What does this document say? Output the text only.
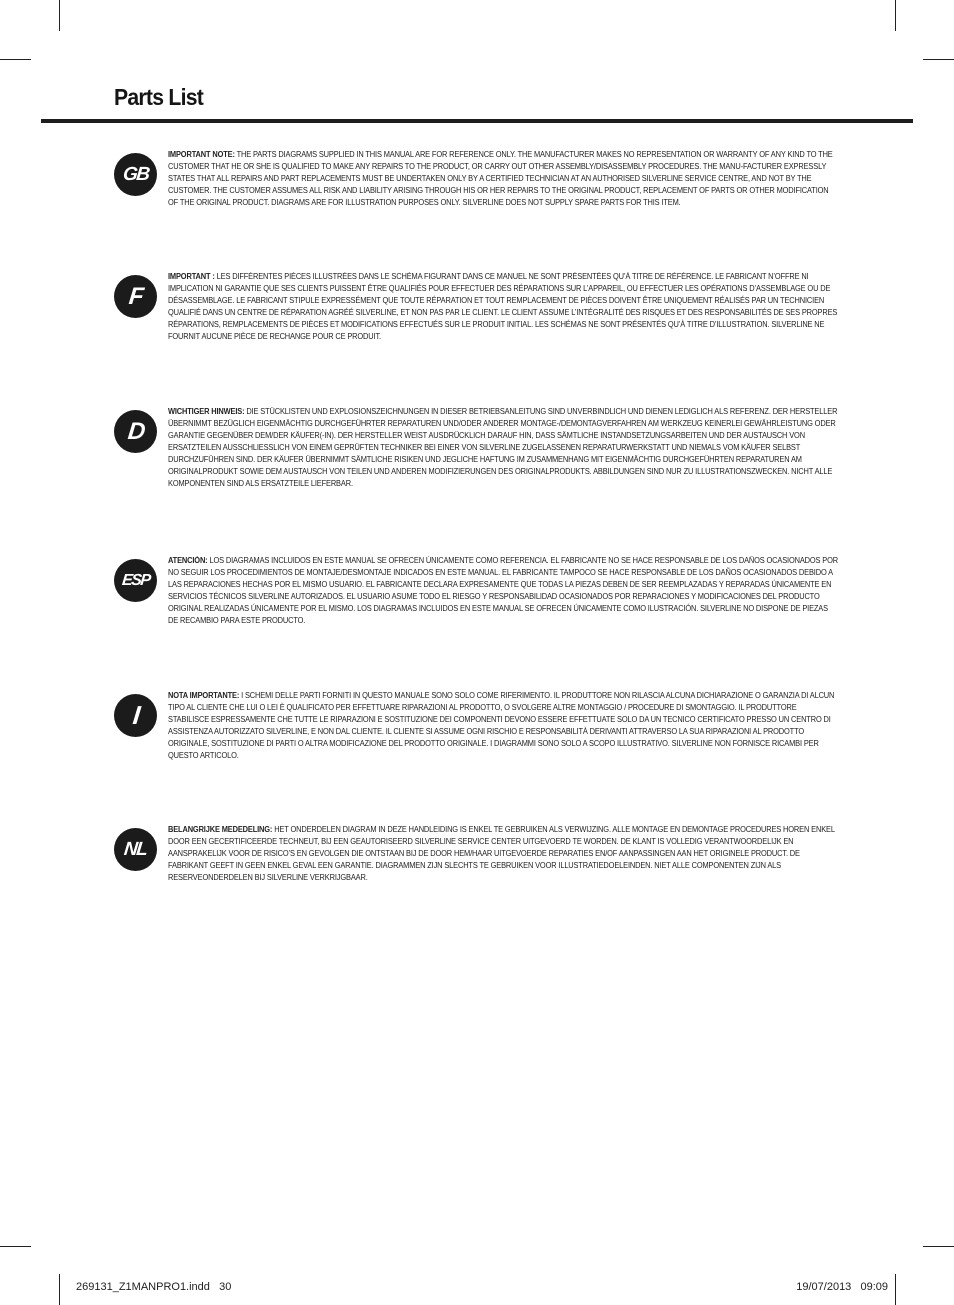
Parts List
GB
IMPORTANT NOTE: THE PARTS DIAGRAMS SUPPLIED IN THIS MANUAL ARE FOR REFERENCE ONLY. THE MANUFACTURER MAKES NO REPRESENTATION OR WARRANTY OF ANY KIND TO THE CUSTOMER THAT HE OR SHE IS QUALIFIED TO MAKE ANY REPAIRS TO THE PRODUCT, OR CARRY OUT OTHER ASSEMBLY/DISASSEMBLY PROCEDURES. THE MANU-FACTURER EXPRESSLY STATES THAT ALL REPAIRS AND PART REPLACEMENTS MUST BE UNDERTAKEN ONLY BY A CERTIFIED TECHNICIAN AT AN AUTHORISED SILVERLINE SERVICE CENTRE, AND NOT BY THE CUSTOMER. THE CUSTOMER ASSUMES ALL RISK AND LIABILITY ARISING THROUGH HIS OR HER REPAIRS TO THE ORIGINAL PRODUCT, REPLACEMENT OF PARTS OR OTHER MODIFICATION OF THE ORIGINAL PRODUCT. DIAGRAMS ARE FOR ILLUSTRATION PURPOSES ONLY. SILVERLINE DOES NOT SUPPLY SPARE PARTS FOR THIS ITEM.
F
IMPORTANT : LES DIFFÉRENTES PIÈCES ILLUSTRÉES DANS LE SCHÉMA FIGURANT DANS CE MANUEL NE SONT PRÉSENTÉES QU’À TITRE DE RÉFÉRENCE. LE FABRICANT N’OFFRE NI IMPLICATION NI GARANTIE QUE SES CLIENTS PUISSENT ÊTRE QUALIFIÉS POUR EFFECTUER DES RÉPARATIONS SUR L’APPAREIL, OU EFFECTUER LES OPÉRATIONS D’ASSEMBLAGE OU DE DÉSASSEMBLAGE. LE FABRICANT STIPULE EXPRESSÉMENT QUE TOUTE RÉPARATION ET TOUT REMPLACEMENT DE PIÈCES DOIVENT ÊTRE UNIQUEMENT RÉALISÉS PAR UN TECHNICIEN QUALIFIÉ DANS UN CENTRE DE RÉPARATION AGRÉÉ SILVERLINE, ET NON PAS PAR LE CLIENT. LE CLIENT ASSUME L’INTÉGRALITÉ DES RISQUES ET DES RESPONSABILITÉS DE SES PROPRES RÉPARATIONS, REMPLACEMENTS DE PIÈCES ET MODIFICATIONS EFFECTUÉS SUR LE PRODUIT INITIAL. LES SCHÉMAS NE SONT PRÉSENTÉS QU’À TITRE D’ILLUSTRATION. SILVERLINE NE FOURNIT AUCUNE PIÈCE DE RECHANGE POUR CE PRODUIT.
D
WICHTIGER HINWEIS: DIE STÜCKLISTEN UND EXPLOSIONSZEICHNUNGEN IN DIESER BETRIEBSANLEITUNG SIND UNVERBINDLICH UND DIENEN LEDIGLICH ALS REFERENZ. DER HERSTELLER ÜBERNIMMT BEZÜGLICH EIGENMÄCHTIG DURCHGEFÜHRTER REPARATUREN UND/ODER ANDERER MONTAGE-/DEMONTAGVERFAHREN AM WERKZEUG KEINERLEI GEWÄHRLEISTUNG ODER GARANTIE GEGENÜBER DEM/DER KÄUFER(-IN). DER HERSTELLER WEIST AUSDRÜCKLICH DARAUF HIN, DASS SÄMTLICHE INSTANDSETZUNGSARBEITEN UND DER AUSTAUSCH VON ERSATZTEILEN AUSSCHLIESSLICH VON EINEM GEPRÜFTEN TECHNIKER BEI EINER VON SILVERLINE ZUGELASSENEN REPARATURWERKSTATT UND NIEMALS VOM KÄUFER SELBST DURCHZUFÜHREN SIND. DER KÄUFER ÜBERNIMMT SÄMTLICHE RISIKEN UND JEGLICHE HAFTUNG IM ZUSAMMENHANG MIT EIGENMÄCHTIG DURCHGEFÜHRTEN REPARATUREN AM ORIGINALPRODUKT SOWIE DEM AUSTAUSCH VON TEILEN UND ANDEREN MODIFIZIERUNGEN DES ORIGINALPRODUKTS. ABBILDUNGEN SIND NUR ZU ILLUSTRATIONSZWECKEN. NICHT ALLE KOMPONENTEN SIND ALS ERSATZTEILE LIEFERBAR.
ESP
ATENCIÓN: LOS DIAGRAMAS INCLUIDOS EN ESTE MANUAL SE OFRECEN ÚNICAMENTE COMO REFERENCIA. EL FABRICANTE NO SE HACE RESPONSABLE DE LOS DAÑOS OCASIONADOS POR NO SEGUIR LOS PROCEDIMIENTOS DE MONTAJE/DESMONTAJE INDICADOS EN ESTE MANUAL. EL FABRICANTE TAMPOCO SE HACE RESPONSABLE DE LOS DAÑOS OCASIONADOS DEBIDO A LAS REPARACIONES HECHAS POR EL MISMO USUARIO. EL FABRICANTE DECLARA EXPRESAMENTE QUE TODAS LA PIEZAS DEBEN DE SER REEMPLAZADAS Y REPARADAS ÚNICAMENTE EN SERVICIOS TÉCNICOS SILVERLINE AUTORIZADOS. EL USUARIO ASUME TODO EL RIESGO Y RESPONSABILIDAD OCASIONADOS POR REPARACIONES Y MODIFICACIONES DEL PRODUCTO ORIGINAL REALIZADAS ÚNICAMENTE POR EL MISMO. LOS DIAGRAMAS INCLUIDOS EN ESTE MANUAL SE OFRECEN ÚNICAMENTE COMO ILUSTRACIÓN. SILVERLINE NO DISPONE DE PIEZAS DE RECAMBIO PARA ESTE PRODUCTO.
I
NOTA IMPORTANTE: I SCHEMI DELLE PARTI FORNITI IN QUESTO MANUALE SONO SOLO COME RIFERIMENTO. IL PRODUTTORE NON RILASCIA ALCUNA DICHIARAZIONE O GARANZIA DI ALCUN TIPO AL CLIENTE CHE LUI O LEI È QUALIFICATO PER EFFETTUARE RIPARAZIONI AL PRODOTTO, O SVOLGERE ALTRE MONTAGGIO / PROCEDURE DI SMONTAGGIO. IL PRODUTTORE STABILISCE ESPRESSAMENTE CHE TUTTE LE RIPARAZIONI E SOSTITUZIONE DEI COMPONENTI DEVONO ESSERE EFFETTUATE SOLO DA UN TECNICO CERTIFICATO PRESSO UN CENTRO DI ASSISTENZA AUTORIZZATO SILVERLINE, E NON DAL CLIENTE. IL CLIENTE SI ASSUME OGNI RISCHIO E RESPONSABILITÀ DERIVANTI ATTRAVERSO LA SUA RIPARAZIONI AL PRODOTTO ORIGINALE, SOSTITUZIONE DI PARTI O ALTRA MODIFICAZIONE DEL PRODOTTO ORIGINALE. I DIAGRAMMI SONO SOLO A SCOPO ILLUSTRATIVO. SILVERLINE NON FORNISCE RICAMBI PER QUESTO ARTICOLO.
NL
BELANGRIJKE MEDEDELING: HET ONDERDELEN DIAGRAM IN DEZE HANDLEIDING IS ENKEL TE GEBRUIKEN ALS VERWIJZING. ALLE MONTAGE EN DEMONTAGE PROCEDURES HOREN ENKEL DOOR EEN GECERTIFICEERDE TECHNEUT, BIJ EEN GEAUTORISEERD SILVERLINE SERVICE CENTER UITGEVOERD TE WORDEN. DE KLANT IS VOLLEDIG VERANTWOORDELIJK EN AANSPRAKELIJK VOOR DE RISICO’S EN GEVOLGEN DIE ONTSTAAN BIJ DE DOOR HEM/HAAR UITGEVOERDE REPARATIES EN/OF AANPASSINGEN AAN HET ORIGINELE PRODUCT. DE FABRIKANT GEEFT IN GEEN ENKEL GEVAL EEN GARANTIE. DIAGRAMMEN ZIJN SLECHTS TE GEBRUIKEN VOOR ILLUSTRATIEDOELEINDEN. NIET ALLE COMPONENTEN ZIJN ALS RESERVEONDERDELEN BIJ SILVERLINE VERKRIJGBAAR.
269131_Z1MANPRO1.indd   30	19/07/2013   09:09
